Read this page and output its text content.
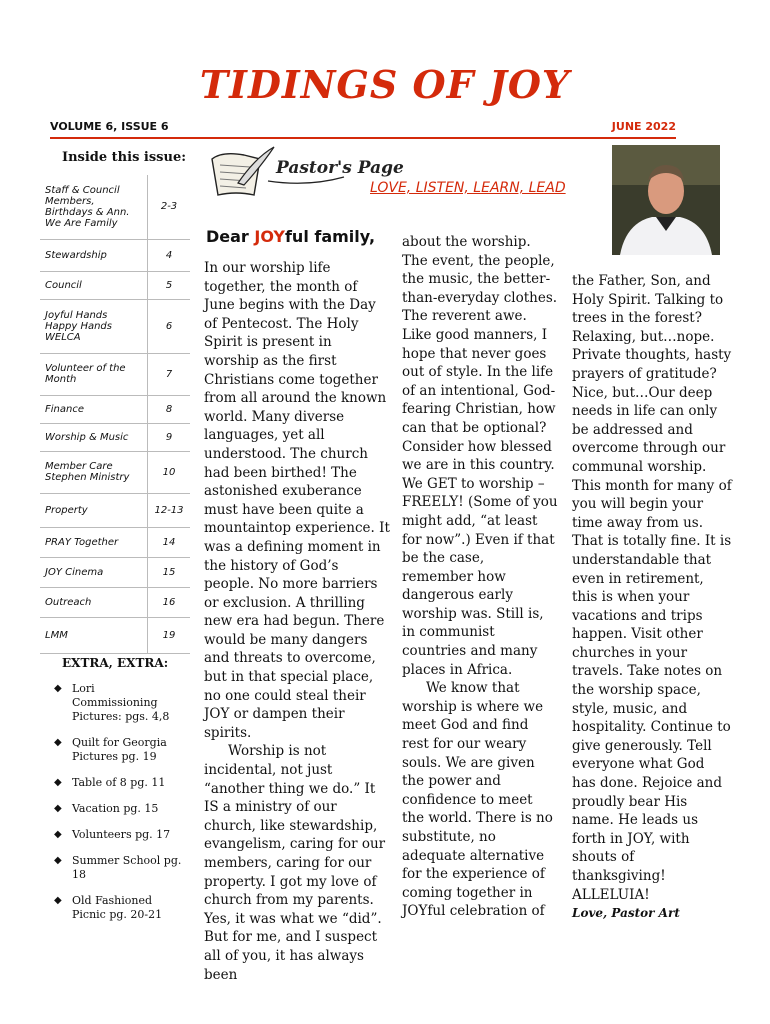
TIDINGS OF JOY
VOLUME 6, ISSUE 6	JUNE 2022
Inside this issue:
Staff & Council Members, Birthdays & Ann. We Are Family	2-3
Stewardship	4
Council	5
Joyful Hands Happy Hands WELCA	6
Volunteer of the Month	7
Finance	8
Worship & Music	9
Member Care Stephen Ministry	10
Property	12-13
PRAY Together	14
JOY Cinema	15
Outreach	16
LMM	19
EXTRA, EXTRA:
◆ Lori Commissioning Pictures: pgs. 4,8
◆ Quilt for Georgia Pictures pg. 19
◆ Table of 8 pg. 11
◆ Vacation pg. 15
◆ Volunteers pg. 17
◆ Summer School pg. 18
◆ Old Fashioned Picnic pg. 20-21
Pastor's Page
LOVE, LISTEN, LEARN, LEAD
Dear JOYful family,

In our worship life together, the month of June begins with the Day of Pentecost. The Holy Spirit is present in worship as the first Christians come together from all around the known world. Many diverse languages, yet all understood. The church had been birthed! The astonished exuberance must have been quite a mountaintop experience. It was a defining moment in the history of God’s people. No more barriers or exclusion. A thrilling new era had begun. There would be many dangers and threats to overcome, but in that special place, no one could steal their JOY or dampen their spirits.

Worship is not incidental, not just “another thing we do.” It IS a ministry of our church, like stewardship, evangelism, caring for our members, caring for our property. I got my love of church from my parents. Yes, it was what we “did”. But for me, and I suspect all of you, it has always been

about the worship. The event, the people, the music, the better-than-everyday clothes. The reverent awe. Like good manners, I hope that never goes out of style. In the life of an intentional, God-fearing Christian, how can that be optional? Consider how blessed we are in this country. We GET to worship – FREELY! (Some of you might add, “at least for now”.) Even if that be the case, remember how dangerous early worship was. Still is, in communist countries and many places in Africa.

We know that worship is where we meet God and find rest for our weary souls. We are given the power and confidence to meet the world. There is no substitute, no adequate alternative for the experience of coming together in JOYful celebration of

the Father, Son, and Holy Spirit. Talking to trees in the forest? Relaxing, but…nope. Private thoughts, hasty prayers of gratitude? Nice, but…Our deep needs in life can only be addressed and overcome through our communal worship. This month for many of you will begin your time away from us. That is totally fine. It is understandable that even in retirement, this is when your vacations and trips happen. Visit other churches in your travels. Take notes on the worship space, style, music, and hospitality. Continue to give generously. Tell everyone what God has done. Rejoice and proudly bear His name. He leads us forth in JOY, with shouts of thanksgiving! ALLELUIA!

Love, Pastor Art
